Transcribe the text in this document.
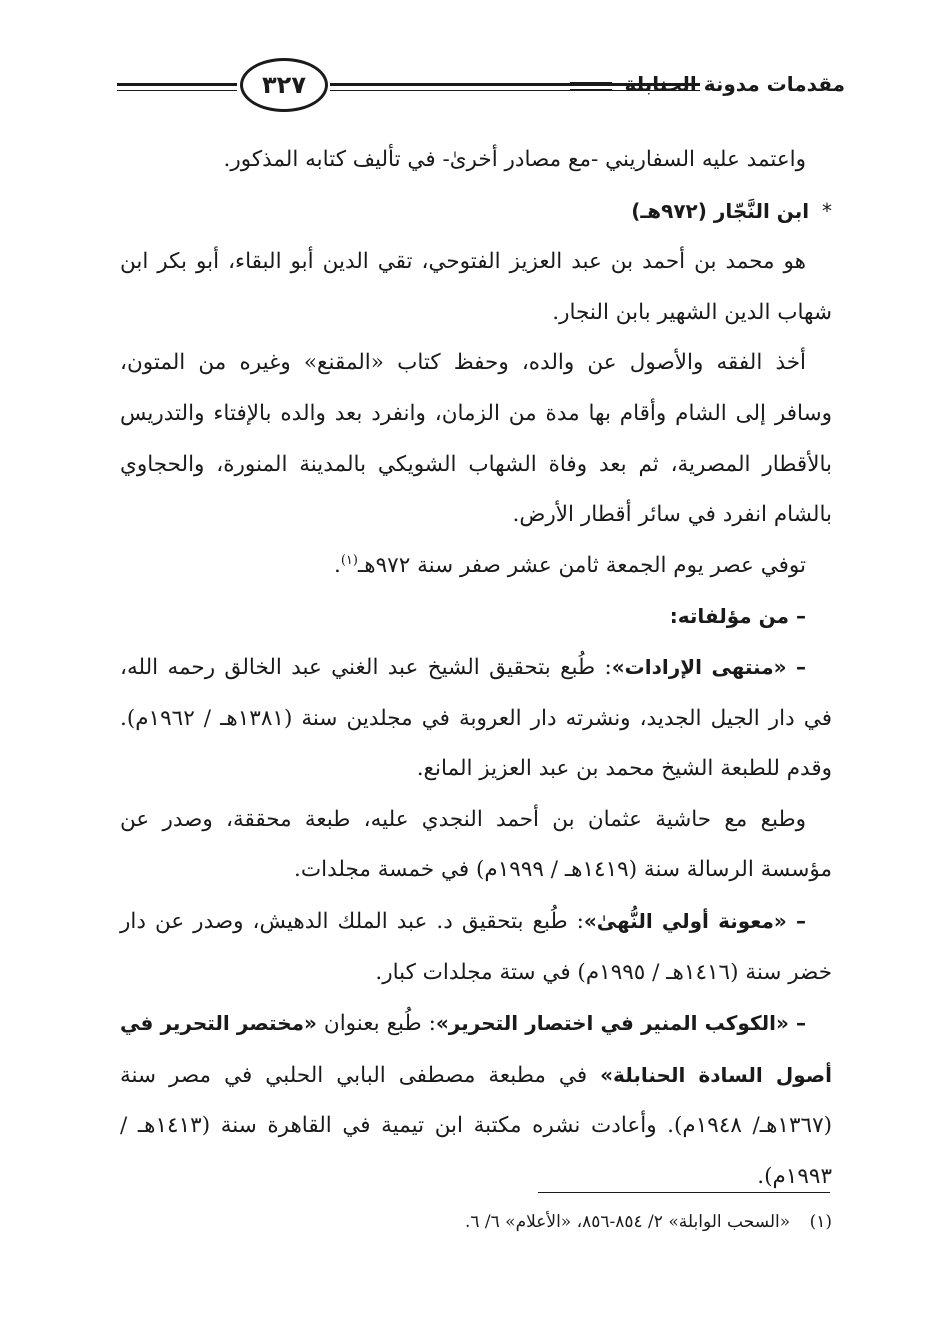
٣٢٧	مقدمات مدونة الحنابلة

واعتمد عليه السفاريني -مع مصادر أخرىٰ- في تأليف كتابه المذكور.

* ابن النَّجّار (٩٧٢هـ)

هو محمد بن أحمد بن عبد العزيز الفتوحي، تقي الدين أبو البقاء، أبو بكر ابن شهاب الدين الشهير بابن النجار.

أخذ الفقه والأصول عن والده، وحفظ كتاب «المقنع» وغيره من المتون، وسافر إلى الشام وأقام بها مدة من الزمان، وانفرد بعد والده بالإفتاء والتدريس بالأقطار المصرية، ثم بعد وفاة الشهاب الشويكي بالمدينة المنورة، والحجاوي بالشام انفرد في سائر أقطار الأرض.

توفي عصر يوم الجمعة ثامن عشر صفر سنة ٩٧٢هـ$^{(١)}$.

– من مؤلفاته:

– «منتهى الإرادات»: طُبع بتحقيق الشيخ عبد الغني عبد الخالق رحمه الله، في دار الجيل الجديد، ونشرته دار العروبة في مجلدين سنة (١٣٨١هـ / ١٩٦٢م). وقدم للطبعة الشيخ محمد بن عبد العزيز المانع.

وطبع مع حاشية عثمان بن أحمد النجدي عليه، طبعة محققة، وصدر عن مؤسسة الرسالة سنة (١٤١٩هـ / ١٩٩٩م) في خمسة مجلدات.

– «معونة أولي النُّهىٰ»: طُبع بتحقيق د. عبد الملك الدهيش، وصدر عن دار خضر سنة (١٤١٦هـ / ١٩٩٥م) في ستة مجلدات كبار.

– «الكوكب المنير في اختصار التحرير»: طُبع بعنوان «مختصر التحرير في أصول السادة الحنابلة» في مطبعة مصطفى البابي الحلبي في مصر سنة (١٣٦٧هـ/ ١٩٤٨م). وأعادت نشره مكتبة ابن تيمية في القاهرة سنة (١٤١٣هـ / ١٩٩٣م).

(١) «السحب الوابلة» ٢/ ٨٥٤-٨٥٦، «الأعلام» ٦/ ٦.
